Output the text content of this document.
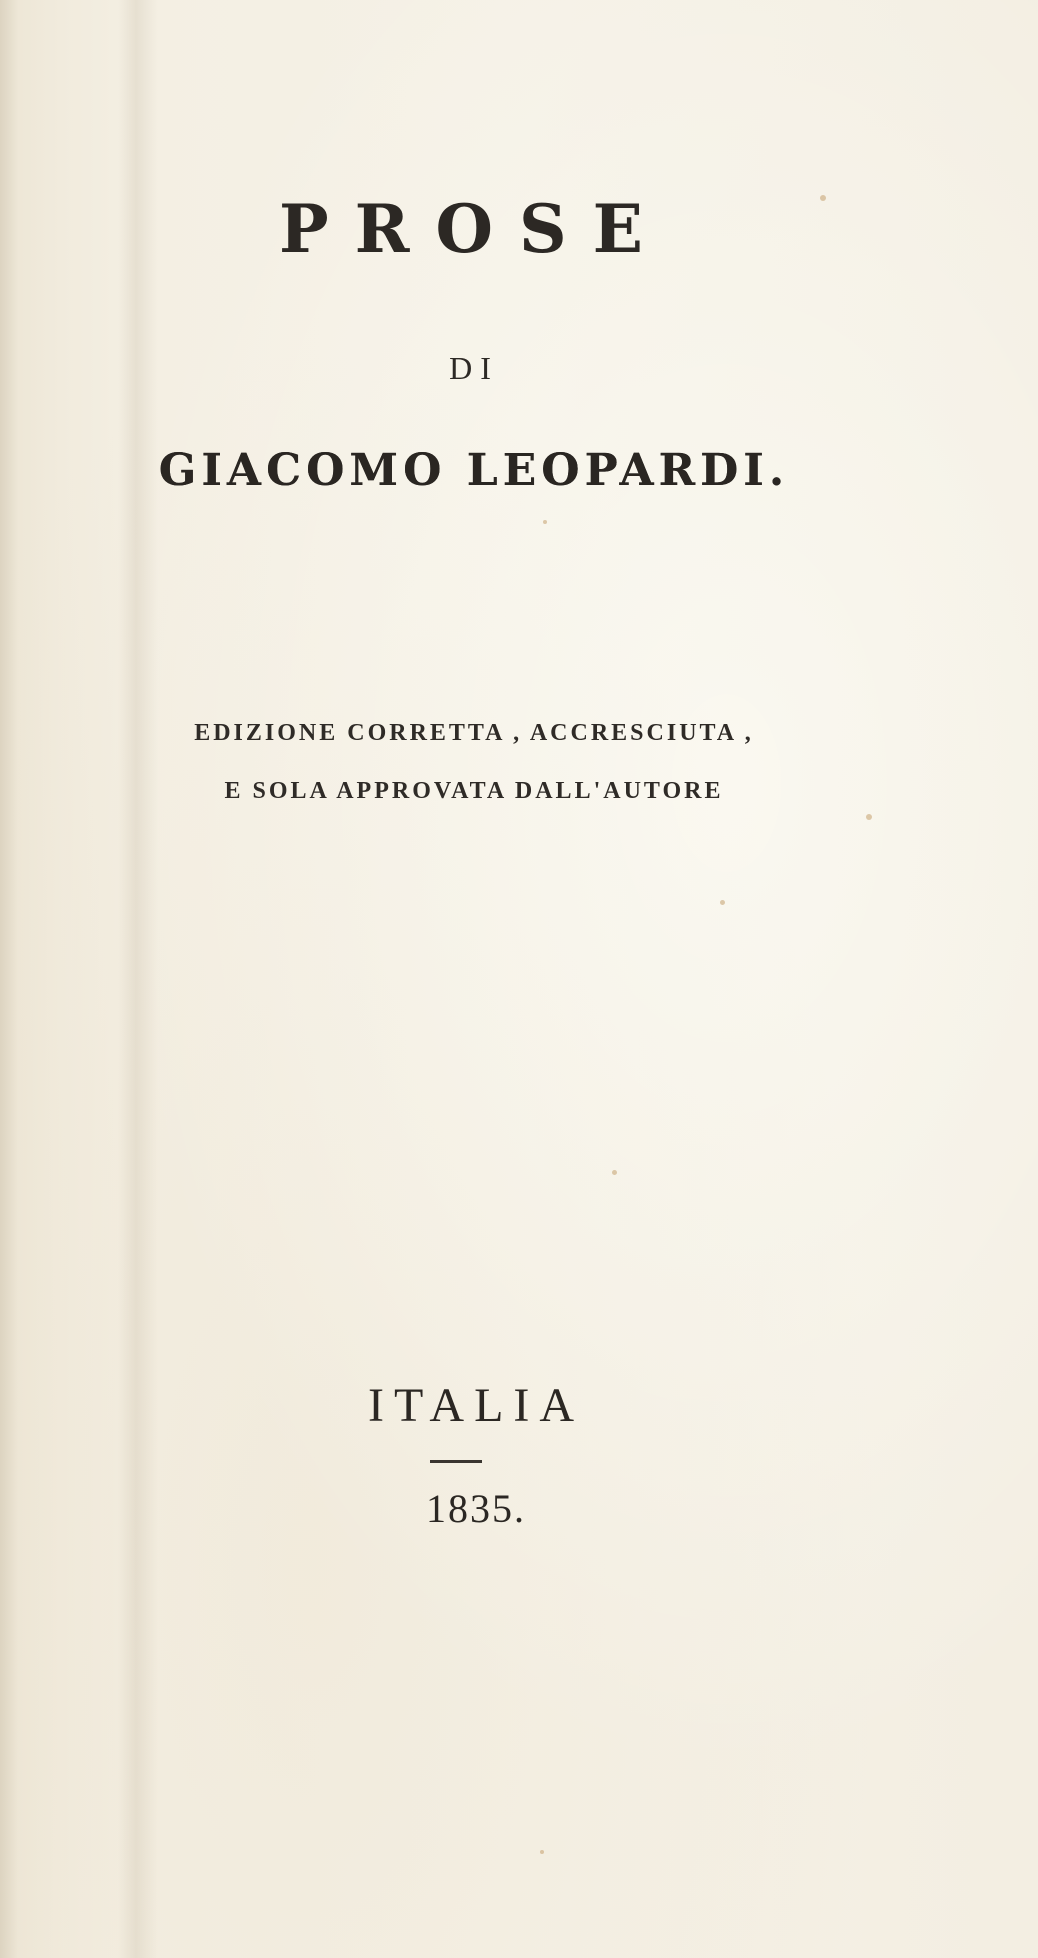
PROSE
DI
GIACOMO LEOPARDI.
EDIZIONE CORRETTA , ACCRESCIUTA ,
E SOLA APPROVATA DALL'AUTORE
ITALIA
1835.
